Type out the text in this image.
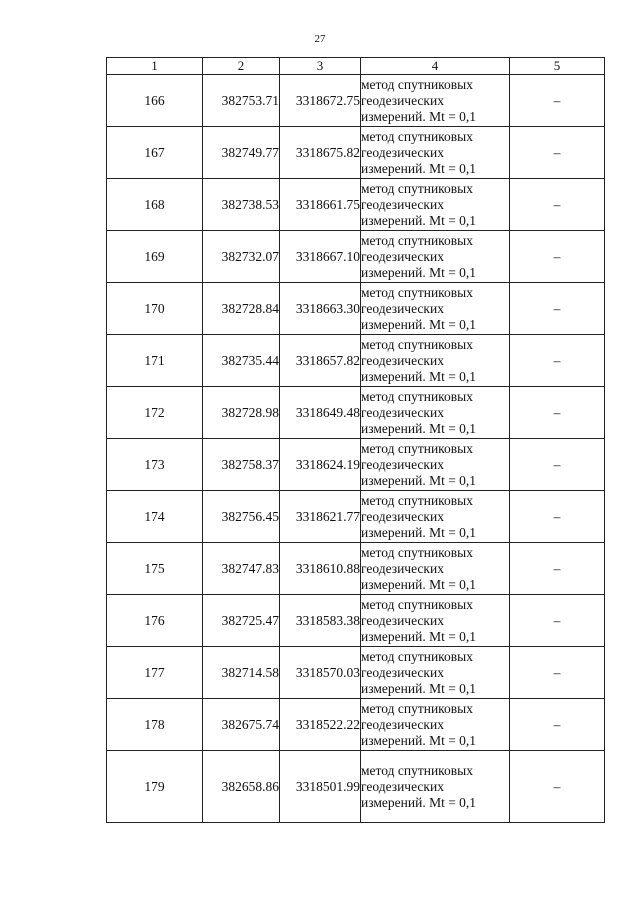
27
1	2	3	4	5
166	382753.71	3318672.75	метод спутниковых
геодезических
измерений. Mt = 0,1	–
167	382749.77	3318675.82	метод спутниковых
геодезических
измерений. Mt = 0,1	–
168	382738.53	3318661.75	метод спутниковых
геодезических
измерений. Mt = 0,1	–
169	382732.07	3318667.10	метод спутниковых
геодезических
измерений. Mt = 0,1	–
170	382728.84	3318663.30	метод спутниковых
геодезических
измерений. Mt = 0,1	–
171	382735.44	3318657.82	метод спутниковых
геодезических
измерений. Mt = 0,1	–
172	382728.98	3318649.48	метод спутниковых
геодезических
измерений. Mt = 0,1	–
173	382758.37	3318624.19	метод спутниковых
геодезических
измерений. Mt = 0,1	–
174	382756.45	3318621.77	метод спутниковых
геодезических
измерений. Mt = 0,1	–
175	382747.83	3318610.88	метод спутниковых
геодезических
измерений. Mt = 0,1	–
176	382725.47	3318583.38	метод спутниковых
геодезических
измерений. Mt = 0,1	–
177	382714.58	3318570.03	метод спутниковых
геодезических
измерений. Mt = 0,1	–
178	382675.74	3318522.22	метод спутниковых
геодезических
измерений. Mt = 0,1	–
179	382658.86	3318501.99	метод спутниковых
геодезических
измерений. Mt = 0,1	–
